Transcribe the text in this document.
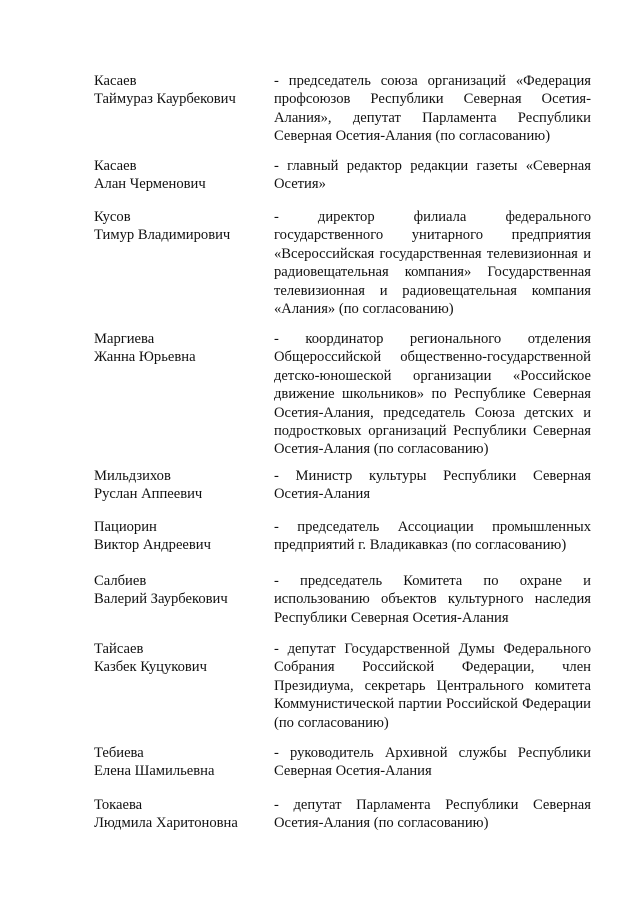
Касаев
Таймураз Каурбекович
- председатель союза организаций «Федерация профсоюзов Республики Северная Осетия-Алания», депутат Парламента Республики Северная Осетия-Алания (по согласованию)
Касаев
Алан Черменович
- главный редактор редакции газеты «Северная Осетия»
Кусов
Тимур Владимирович
- директор филиала федерального государственного унитарного предприятия «Всероссийская государственная телевизионная и радиовещательная компания» Государственная телевизионная и радиовещательная компания «Алания» (по согласованию)
Маргиева
Жанна Юрьевна
- координатор регионального отделения Общероссийской общественно-государственной детско-юношеской организации «Российское движение школьников» по Республике Северная Осетия-Алания, председатель Союза детских и подростковых организаций Республики Северная Осетия-Алания (по согласованию)
Мильдзихов
Руслан Аппеевич
- Министр культуры Республики Северная Осетия-Алания
Пациорин
Виктор Андреевич
- председатель Ассоциации промышленных предприятий г. Владикавказ (по согласованию)
Салбиев
Валерий Заурбекович
- председатель Комитета по охране и использованию объектов культурного наследия Республики Северная Осетия-Алания
Тайсаев
Казбек Куцукович
- депутат Государственной Думы Федерального Собрания Российской Федерации, член Президиума, секретарь Центрального комитета Коммунистической партии Российской Федерации (по согласованию)
Тебиева
Елена Шамильевна
- руководитель Архивной службы Республики Северная Осетия-Алания
Токаева
Людмила Харитоновна
- депутат Парламента Республики Северная Осетия-Алания (по согласованию)
